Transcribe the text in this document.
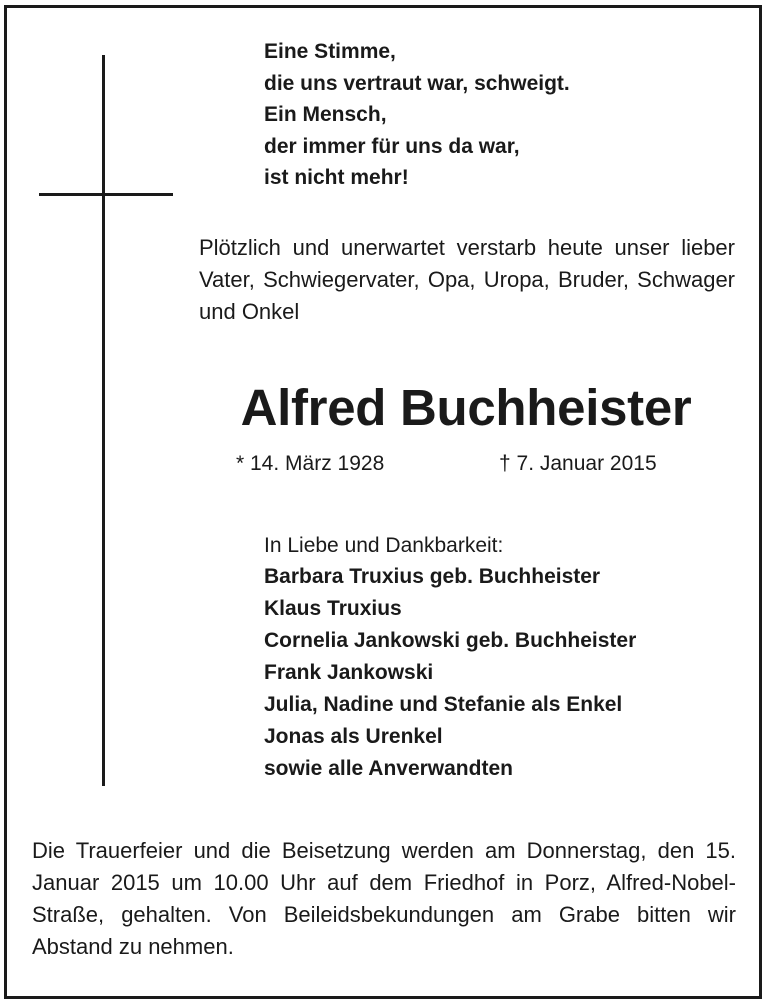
Eine Stimme,
die uns vertraut war, schweigt.
Ein Mensch,
der immer für uns da war,
ist nicht mehr!

Plötzlich und unerwartet verstarb heute unser lieber Vater, Schwiegervater, Opa, Uropa, Bruder, Schwager und Onkel

Alfred Buchheister
* 14. März 1928	† 7. Januar 2015

In Liebe und Dankbarkeit:

Barbara Truxius geb. Buchheister
Klaus Truxius
Cornelia Jankowski geb. Buchheister
Frank Jankowski
Julia, Nadine und Stefanie als Enkel
Jonas als Urenkel
sowie alle Anverwandten

Die Trauerfeier und die Beisetzung werden am Donnerstag, den 15. Januar 2015 um 10.00 Uhr auf dem Friedhof in Porz, Alfred-Nobel-Straße, gehalten. Von Beileidsbekundungen am Grabe bitten wir Abstand zu nehmen.
